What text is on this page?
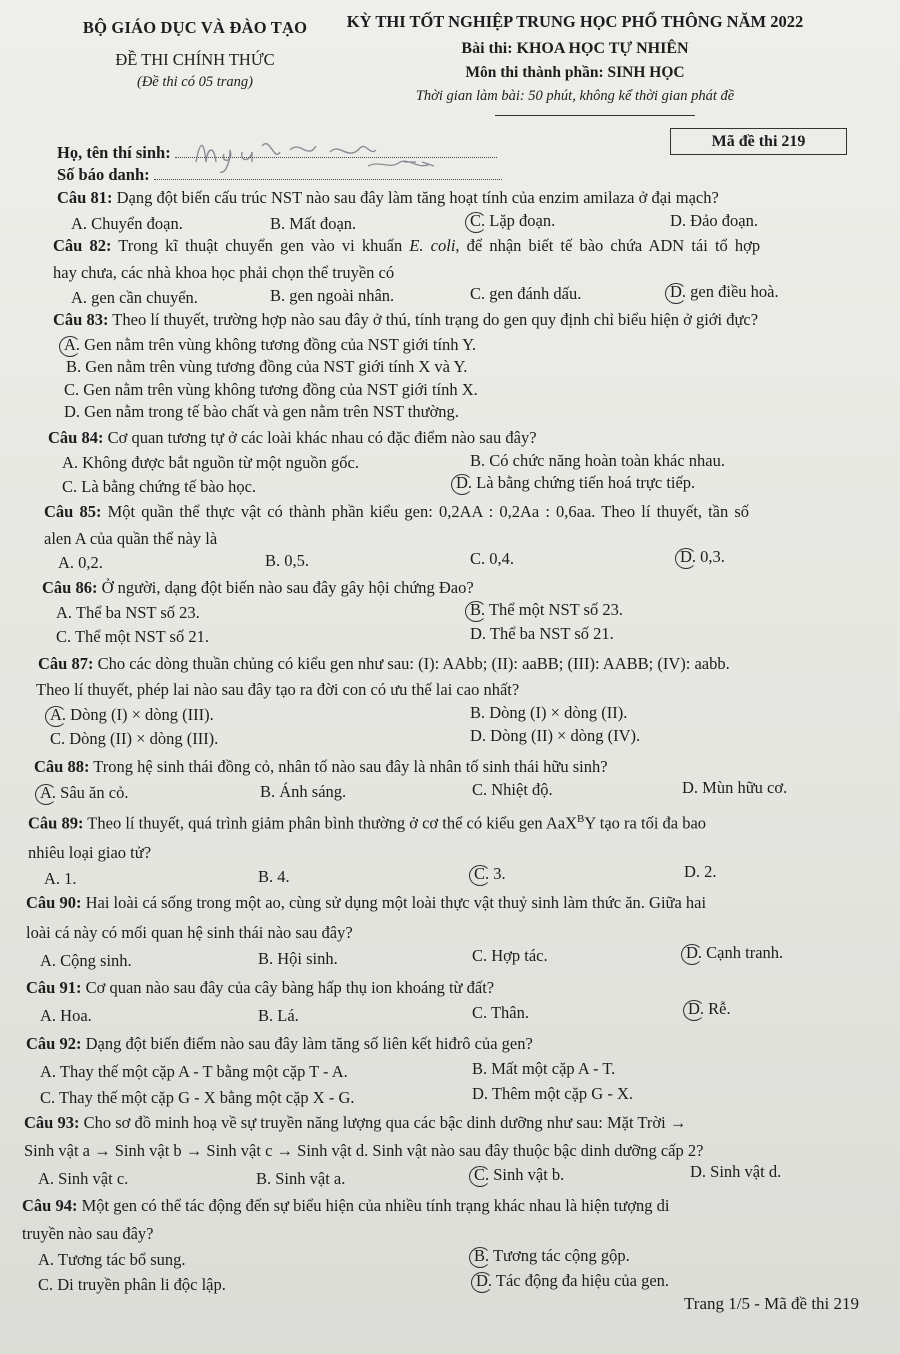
BỘ GIÁO DỤC VÀ ĐÀO TẠO
ĐỀ THI CHÍNH THỨC
(Đề thi có 05 trang)
KỲ THI TỐT NGHIỆP TRUNG HỌC PHỔ THÔNG NĂM 2022
Bài thi: KHOA HỌC TỰ NHIÊN
Môn thi thành phần: SINH HỌC
Thời gian làm bài: 50 phút, không kể thời gian phát đề
Họ, tên thí sinh:
Số báo danh:
Mã đề thi 219
Câu 81: Dạng đột biến cấu trúc NST nào sau đây làm tăng hoạt tính của enzim amilaza ở đại mạch?
A. Chuyển đoạn.	B. Mất đoạn.	C. Lặp đoạn.	D. Đảo đoạn.
Câu 82: Trong kĩ thuật chuyển gen vào vi khuẩn E. coli, để nhận biết tế bào chứa ADN tái tổ hợp
hay chưa, các nhà khoa học phải chọn thể truyền có
A. gen cần chuyển.	B. gen ngoài nhân.	C. gen đánh dấu.	D. gen điều hoà.
Câu 83: Theo lí thuyết, trường hợp nào sau đây ở thú, tính trạng do gen quy định chỉ biểu hiện ở giới đực?
A. Gen nằm trên vùng không tương đồng của NST giới tính Y.
B. Gen nằm trên vùng tương đồng của NST giới tính X và Y.
C. Gen nằm trên vùng không tương đồng của NST giới tính X.
D. Gen nằm trong tế bào chất và gen nằm trên NST thường.
Câu 84: Cơ quan tương tự ở các loài khác nhau có đặc điểm nào sau đây?
A. Không được bắt nguồn từ một nguồn gốc.	B. Có chức năng hoàn toàn khác nhau.
C. Là bằng chứng tế bào học.	D. Là bằng chứng tiến hoá trực tiếp.
Câu 85: Một quần thể thực vật có thành phần kiểu gen: 0,2AA : 0,2Aa : 0,6aa. Theo lí thuyết, tần số
alen A của quần thể này là
A. 0,2.	B. 0,5.	C. 0,4.	D. 0,3.
Câu 86: Ở người, dạng đột biến nào sau đây gây hội chứng Đao?
A. Thể ba NST số 23.	B. Thể một NST số 23.
C. Thể một NST số 21.	D. Thể ba NST số 21.
Câu 87: Cho các dòng thuần chủng có kiểu gen như sau: (I): AAbb; (II): aaBB; (III): AABB; (IV): aabb.
Theo lí thuyết, phép lai nào sau đây tạo ra đời con có ưu thế lai cao nhất?
A. Dòng (I) × dòng (III).	B. Dòng (I) × dòng (II).
C. Dòng (II) × dòng (III).	D. Dòng (II) × dòng (IV).
Câu 88: Trong hệ sinh thái đồng cỏ, nhân tố nào sau đây là nhân tố sinh thái hữu sinh?
A. Sâu ăn cỏ.	B. Ánh sáng.	C. Nhiệt độ.	D. Mùn hữu cơ.
Câu 89: Theo lí thuyết, quá trình giảm phân bình thường ở cơ thể có kiểu gen AaX$^B$Y tạo ra tối đa bao
nhiêu loại giao tử?
A. 1.	B. 4.	C. 3.	D. 2.
Câu 90: Hai loài cá sống trong một ao, cùng sử dụng một loài thực vật thuỷ sinh làm thức ăn. Giữa hai
loài cá này có mối quan hệ sinh thái nào sau đây?
A. Cộng sinh.	B. Hội sinh.	C. Hợp tác.	D. Cạnh tranh.
Câu 91: Cơ quan nào sau đây của cây bàng hấp thụ ion khoáng từ đất?
A. Hoa.	B. Lá.	C. Thân.	D. Rễ.
Câu 92: Dạng đột biến điểm nào sau đây làm tăng số liên kết hiđrô của gen?
A. Thay thế một cặp A - T bằng một cặp T - A.	B. Mất một cặp A - T.
C. Thay thế một cặp G - X bằng một cặp X - G.	D. Thêm một cặp G - X.
Câu 93: Cho sơ đồ minh hoạ về sự truyền năng lượng qua các bậc dinh dưỡng như sau: Mặt Trời →
Sinh vật a → Sinh vật b → Sinh vật c → Sinh vật d. Sinh vật nào sau đây thuộc bậc dinh dưỡng cấp 2?
A. Sinh vật c.	B. Sinh vật a.	C. Sinh vật b.	D. Sinh vật d.
Câu 94: Một gen có thể tác động đến sự biểu hiện của nhiều tính trạng khác nhau là hiện tượng di
truyền nào sau đây?
A. Tương tác bổ sung.	B. Tương tác cộng gộp.
C. Di truyền phân li độc lập.	D. Tác động đa hiệu của gen.
Trang 1/5 - Mã đề thi 219
